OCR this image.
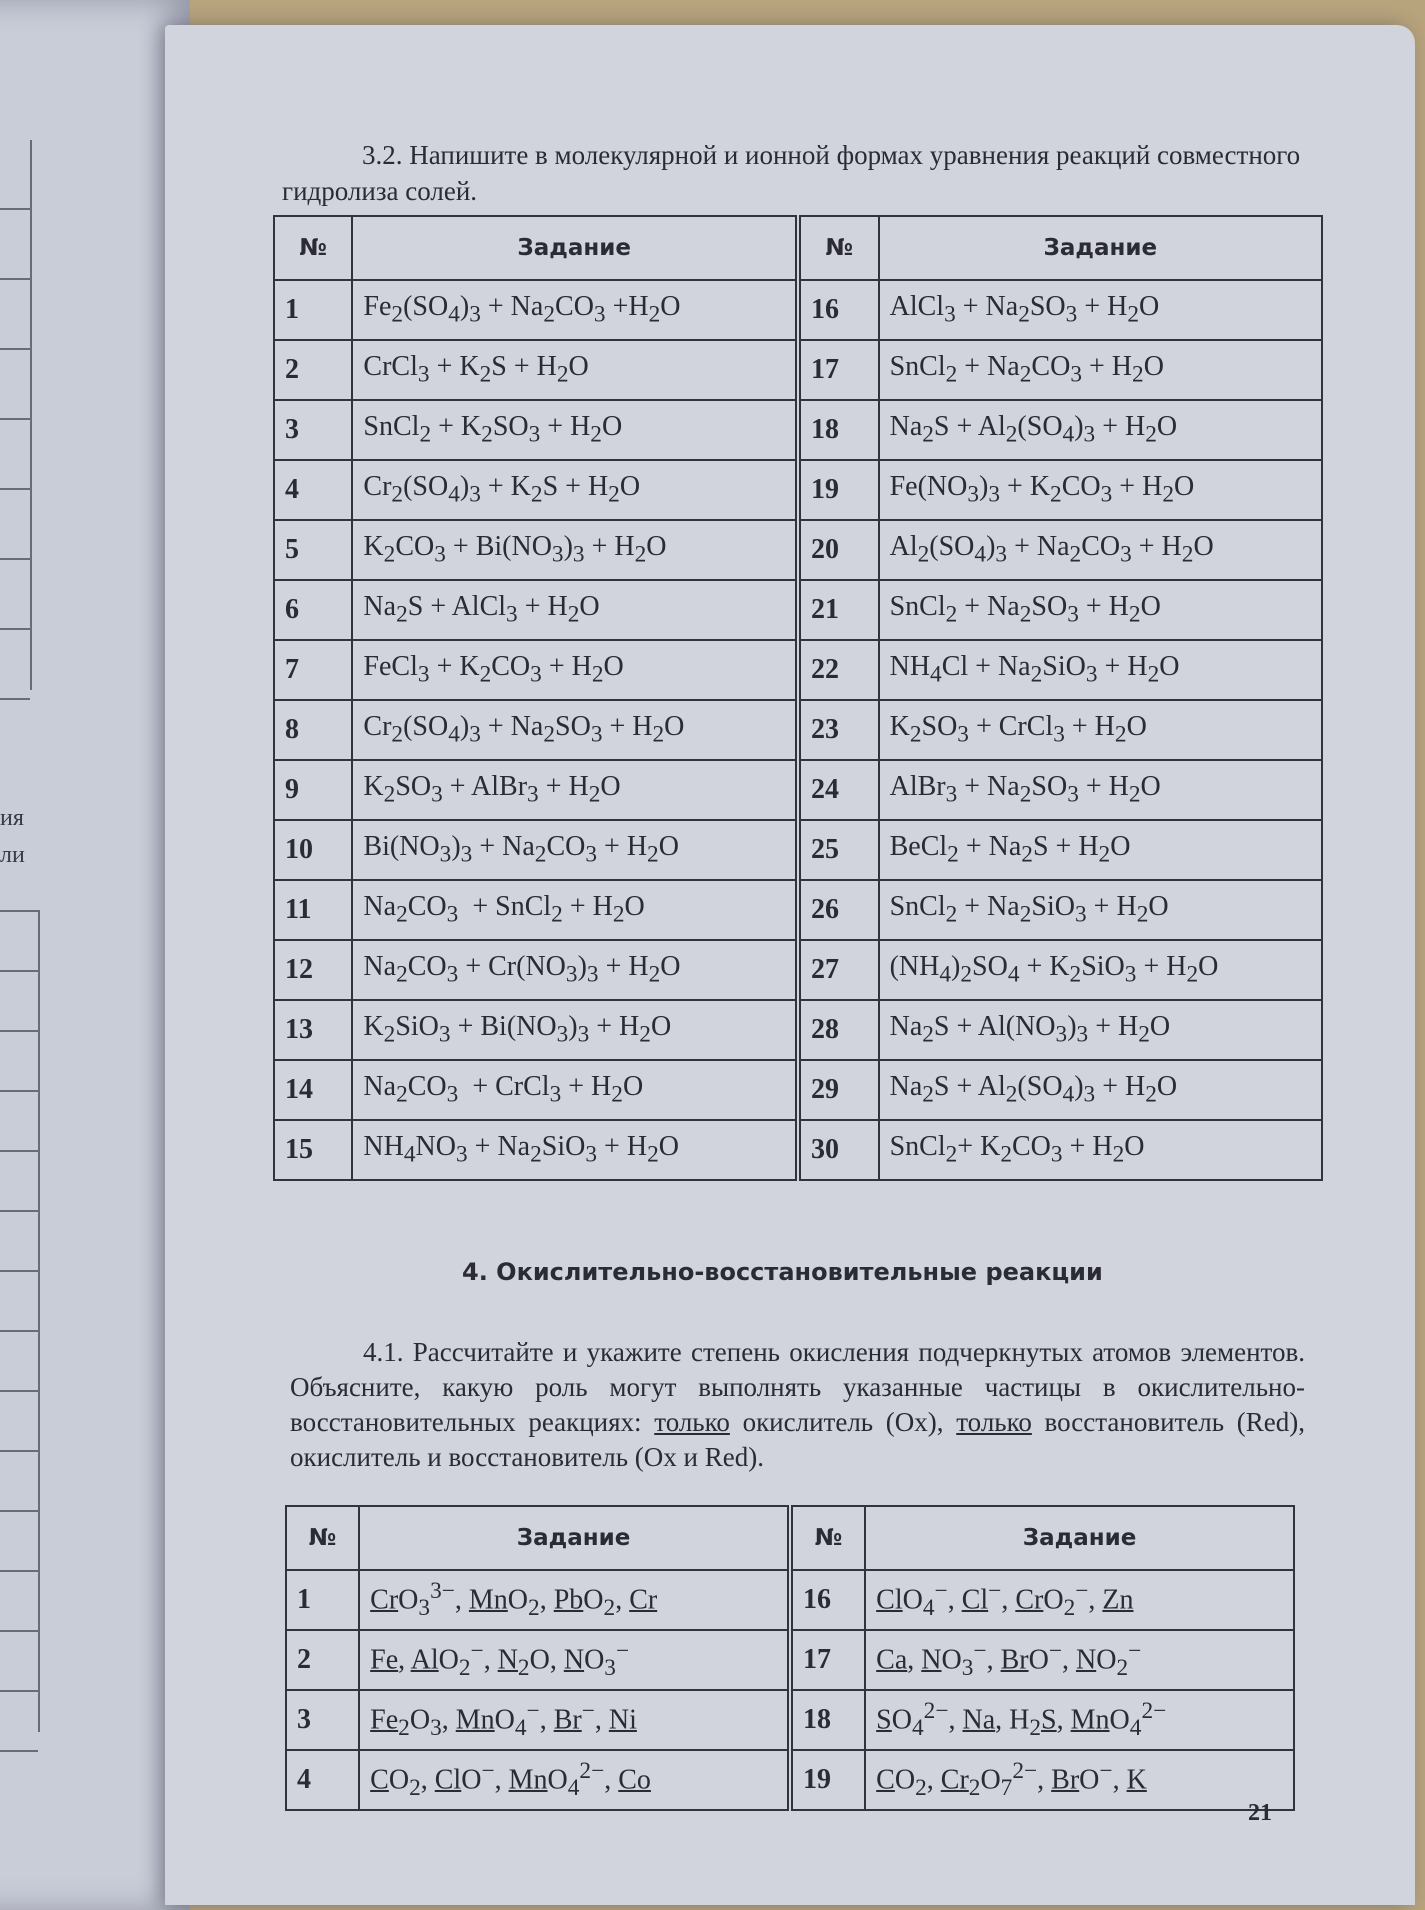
ия
ли
3.2. Напишите в молекулярной и ионной формах уравнения реакций совместного гидролиза солей.
№	Задание	№	Задание
1	$Fe_2(SO_4)_3 + Na_2CO_3 +H_2O$	16	AlCl$_3$ + $Na_2SO_3 + H_2O$
2	CrCl$_3$ + $K_2S + H_2O$	17	SnCl$_2$ + $Na_2CO_3 + H_2O$
3	SnCl$_2$ + $K_2SO_3 + H_2O$	18	$Na_2S + Al_2(SO_4)_3 + H_2O$
4	$Cr_2(SO_4)_3 + K_2S + H_2O$	19	$Fe(NO_3)_3 + K_2CO_3 + H_2O$
5	$K_2CO_3 + Bi(NO_3)_3 + H_2O$	20	$Al_2(SO_4)_3 + Na_2CO_3 + H_2O$
6	$Na_2S$ + AlCl$_3$ + $H_2O$	21	SnCl$_2$ + $Na_2SO_3 + H_2O$
7	FeCl$_3$ + $K_2CO_3 + H_2O$	22	$NH_4Cl + Na_2SiO_3 + H_2O$
8	$Cr_2(SO_4)_3 + Na_2SO_3 + H_2O$	23	$K_2SO_3$ + CrCl$_3$ + $H_2O$
9	$K_2SO_3$ + AlBr$_3$ + $H_2O$	24	AlBr$_3$ + $Na_2SO_3 + H_2O$
10	$Bi(NO_3)_3 + Na_2CO_3 + H_2O$	25	BeCl$_2$ + $Na_2S + H_2O$
11	$Na_2CO_3$  + SnCl$_2$ + $H_2O$	26	SnCl$_2$ + $Na_2SiO_3 + H_2O$
12	$Na_2CO_3 + Cr(NO_3)_3 + H_2O$	27	$(NH_4)_2SO_4 + K_2SiO_3 + H_2O$
13	$K_2SiO_3 + Bi(NO_3)_3 + H_2O$	28	$Na_2S + Al(NO_3)_3 + H_2O$
14	$Na_2CO_3$  + CrCl$_3$ + $H_2O$	29	$Na_2S + Al_2(SO_4)_3 + H_2O$
15	$NH_4NO_3 + Na_2SiO_3 + H_2O$	30	SnCl$_2$+ $K_2CO_3 + H_2O$
4. Окислительно-восстановительные реакции
4.1. Рассчитайте и укажите степень окисления подчеркнутых атомов элементов. Объясните, какую роль могут выполнять указанные частицы в окислительно-восстановительных реакциях: только окислитель (Ox), только восстановитель (Red), окислитель и восстановитель (Ox и Red).
№	Задание	№	Задание
1	CrO$_3^{3-}$, MnO$_2$, PbO$_2$, Cr	16	ClO$_4$−, Cl−, CrO$_2$−, Zn
2	Fe, AlO$_2$−, $N_2O$, $NO_3^-$	17	Ca, $NO_3^-$, BrO−, $NO_2^-$
3	$Fe_2O_3$, MnO$_4$−, Br−, Ni	18	$SO_4^{2-}$, Na, $H_2S$, MnO$_4^{2-}$
4	$CO_2$, ClO−, MnO$_4^{2-}$, Co	19	$CO_2$, $Cr_2O_7^{2-}$, BrO−, K
21
